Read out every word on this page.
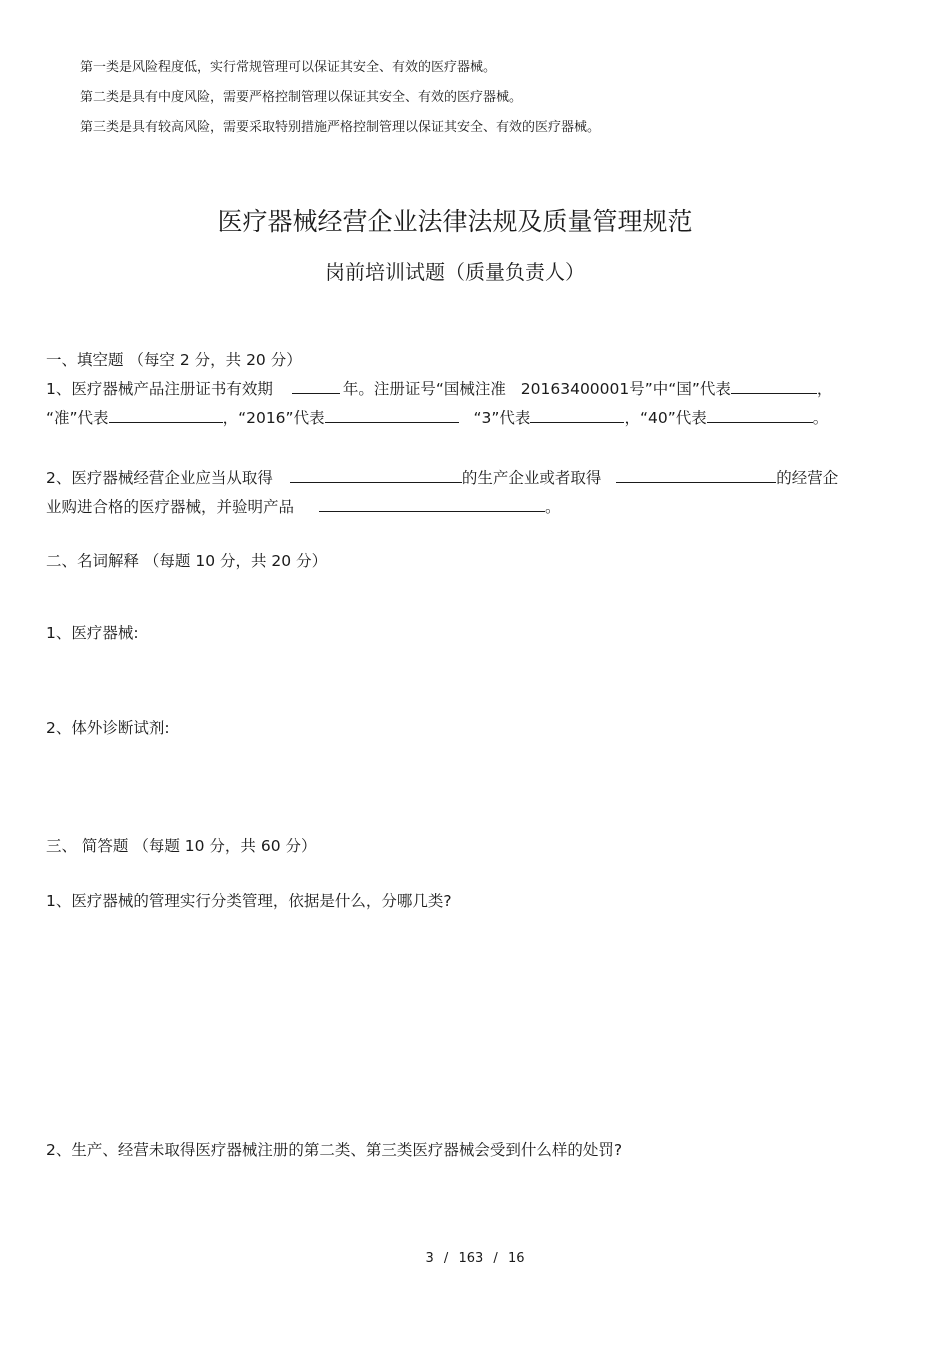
第一类是风险程度低，实行常规管理可以保证其安全、有效的医疗器械。
第二类是具有中度风险，需要严格控制管理以保证其安全、有效的医疗器械。
第三类是具有较高风险，需要采取特别措施严格控制管理以保证其安全、有效的医疗器械。
医疗器械经营企业法律法规及质量管理规范
岗前培训试题（质量负责人）
一、填空题 （每空 2 分，共 20 分）
1、医疗器械产品注册证书有效期	年。注册证号“国械注准 20163400001号”中“国”代表	，
“准”代表	，“2016”代表	“3”代表	，“40”代表	。
2、医疗器械经营企业应当从取得	的生产企业或者取得	的经营企
业购进合格的医疗器械，并验明产品	。
二、名词解释 （每题 10 分，共 20 分）
1、医疗器械:
2、体外诊断试剂:
三、 简答题 （每题 10 分，共 60 分）
1、医疗器械的管理实行分类管理，依据是什么，分哪几类?
2、生产、经营未取得医疗器械注册的第二类、第三类医疗器械会受到什么样的处罚?
3 / 163 / 16
